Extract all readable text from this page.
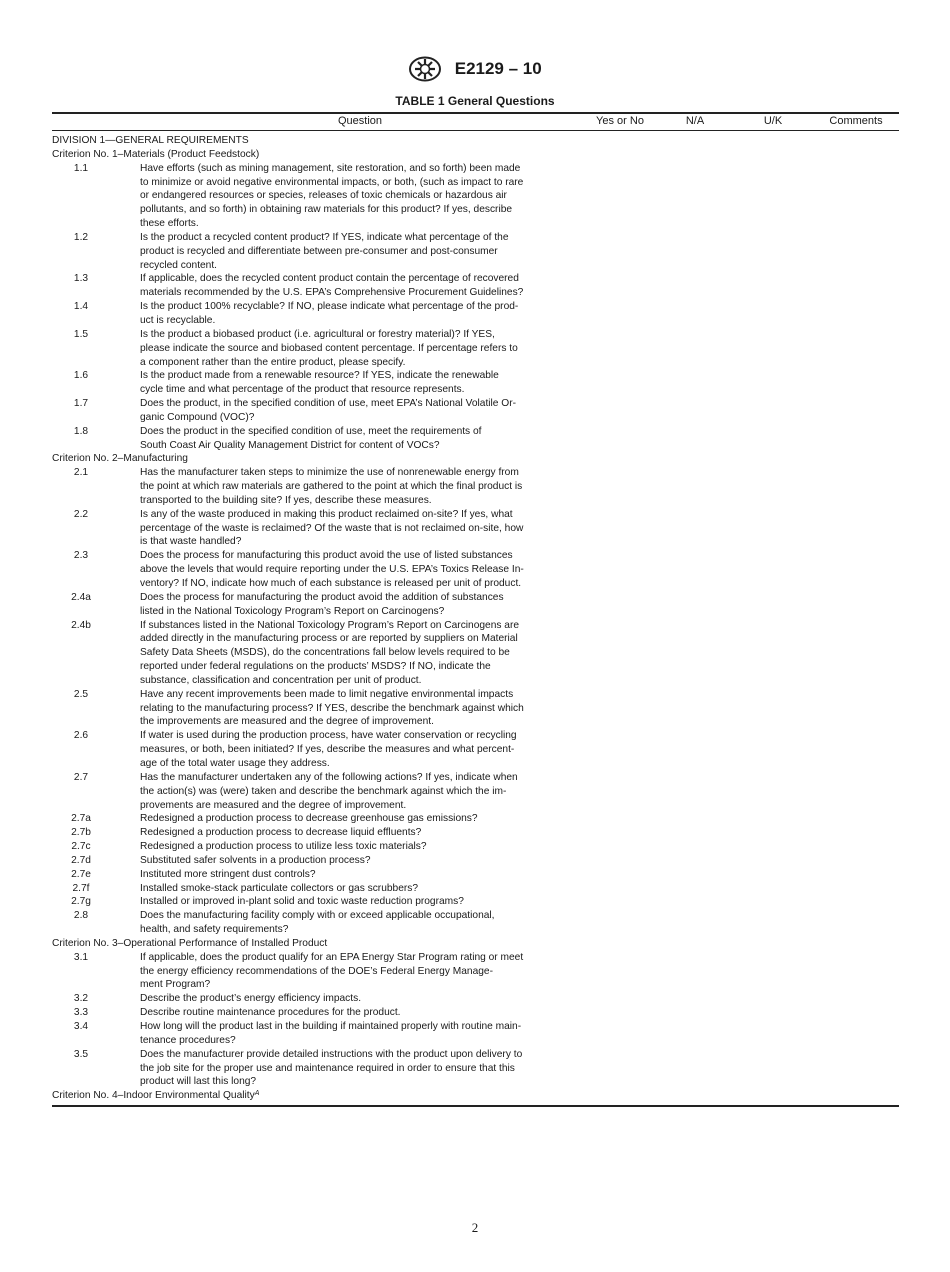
E2129 – 10
TABLE 1 General Questions
Question	Yes or No	N/A	U/K	Comments
DIVISION 1—GENERAL REQUIREMENTS
Criterion No. 1–Materials (Product Feedstock)
1.1	Have efforts (such as mining management, site restoration, and so forth) been made
to minimize or avoid negative environmental impacts, or both, (such as impact to rare
or endangered resources or species, releases of toxic chemicals or hazardous air
pollutants, and so forth) in obtaining raw materials for this product? If yes, describe
these efforts.
1.2	Is the product a recycled content product? If YES, indicate what percentage of the
product is recycled and differentiate between pre-consumer and post-consumer
recycled content.
1.3	If applicable, does the recycled content product contain the percentage of recovered
materials recommended by the U.S. EPA’s Comprehensive Procurement Guidelines?
1.4	Is the product 100% recyclable? If NO, please indicate what percentage of the prod-
uct is recyclable.
1.5	Is the product a biobased product (i.e. agricultural or forestry material)? If YES,
please indicate the source and biobased content percentage. If percentage refers to
a component rather than the entire product, please specify.
1.6	Is the product made from a renewable resource? If YES, indicate the renewable
cycle time and what percentage of the product that resource represents.
1.7	Does the product, in the specified condition of use, meet EPA’s National Volatile Or-
ganic Compound (VOC)?
1.8	Does the product in the specified condition of use, meet the requirements of
South Coast Air Quality Management District for content of VOCs?
Criterion No. 2–Manufacturing
2.1	Has the manufacturer taken steps to minimize the use of nonrenewable energy from
the point at which raw materials are gathered to the point at which the final product is
transported to the building site? If yes, describe these measures.
2.2	Is any of the waste produced in making this product reclaimed on-site? If yes, what
percentage of the waste is reclaimed? Of the waste that is not reclaimed on-site, how
is that waste handled?
2.3	Does the process for manufacturing this product avoid the use of listed substances
above the levels that would require reporting under the U.S. EPA’s Toxics Release In-
ventory? If NO, indicate how much of each substance is released per unit of product.
2.4a	Does the process for manufacturing the product avoid the addition of substances
listed in the National Toxicology Program’s Report on Carcinogens?
2.4b	If substances listed in the National Toxicology Program’s Report on Carcinogens are
added directly in the manufacturing process or are reported by suppliers on Material
Safety Data Sheets (MSDS), do the concentrations fall below levels required to be
reported under federal regulations on the products’ MSDS? If NO, indicate the
substance, classification and concentration per unit of product.
2.5	Have any recent improvements been made to limit negative environmental impacts
relating to the manufacturing process? If YES, describe the benchmark against which
the improvements are measured and the degree of improvement.
2.6	If water is used during the production process, have water conservation or recycling
measures, or both, been initiated? If yes, describe the measures and what percent-
age of the total water usage they address.
2.7	Has the manufacturer undertaken any of the following actions? If yes, indicate when
the action(s) was (were) taken and describe the benchmark against which the im-
provements are measured and the degree of improvement.
2.7a	Redesigned a production process to decrease greenhouse gas emissions?
2.7b	Redesigned a production process to decrease liquid effluents?
2.7c	Redesigned a production process to utilize less toxic materials?
2.7d	Substituted safer solvents in a production process?
2.7e	Instituted more stringent dust controls?
2.7f	Installed smoke-stack particulate collectors or gas scrubbers?
2.7g	Installed or improved in-plant solid and toxic waste reduction programs?
2.8	Does the manufacturing facility comply with or exceed applicable occupational,
health, and safety requirements?
Criterion No. 3–Operational Performance of Installed Product
3.1	If applicable, does the product qualify for an EPA Energy Star Program rating or meet
the energy efficiency recommendations of the DOE’s Federal Energy Manage-
ment Program?
3.2	Describe the product’s energy efficiency impacts.
3.3	Describe routine maintenance procedures for the product.
3.4	How long will the product last in the building if maintained properly with routine main-
tenance procedures?
3.5	Does the manufacturer provide detailed instructions with the product upon delivery to
the job site for the proper use and maintenance required in order to ensure that this
product will last this long?
Criterion No. 4–Indoor Environmental Quality$^A$
2
